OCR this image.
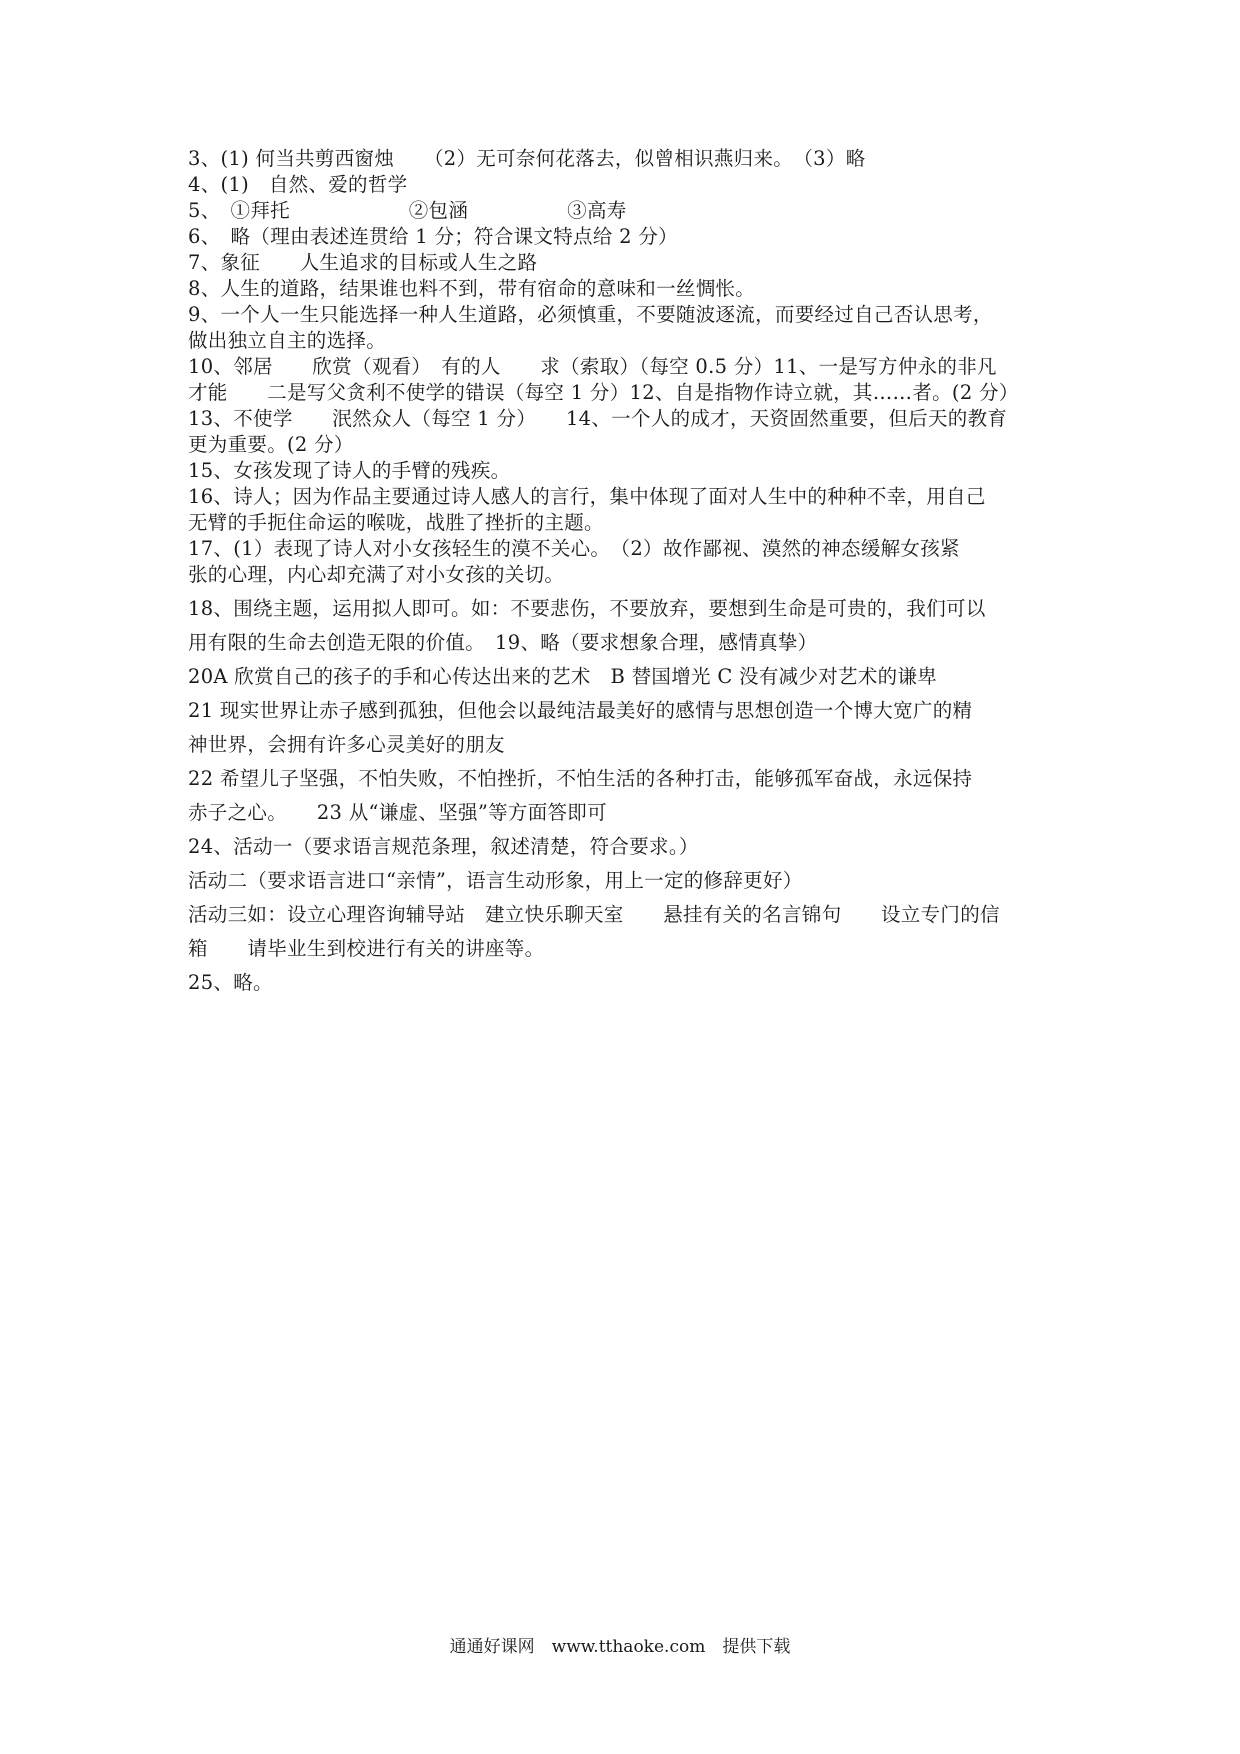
3、(1) 何当共剪西窗烛　　（2）无可奈何花落去，似曾相识燕归来。　（3）略
4、(1)　自然、爱的哲学
5、　①拜托　　　　　　②包涵　　　　　③高寿
6、　略（理由表述连贯给 1 分；符合课文特点给 2 分）
7、象征　　人生追求的目标或人生之路
8、人生的道路，结果谁也料不到，带有宿命的意味和一丝惆怅。
9、一个人一生只能选择一种人生道路，必须慎重，不要随波逐流，而要经过自己否认思考，
做出独立自主的选择。
10、邻居　　欣赏（观看）　有的人　　求（索取）（每空 0.5 分）11、一是写方仲永的非凡
才能　　二是写父贪利不使学的错误（每空 1 分）12、自是指物作诗立就，其……者。(2 分）
13、不使学　　泯然众人（每空 1 分）　　14、一个人的成才，天资固然重要，但后天的教育
更为重要。(2 分）
15、女孩发现了诗人的手臂的残疾。
16、诗人；因为作品主要通过诗人感人的言行，集中体现了面对人生中的种种不幸，用自己
无臂的手扼住命运的喉咙，战胜了挫折的主题。
17、(1）表现了诗人对小女孩轻生的漠不关心。　（2）故作鄙视、漠然的神态缓解女孩紧
张的心理，内心却充满了对小女孩的关切。
18、围绕主题，运用拟人即可。如：不要悲伤，不要放弃，要想到生命是可贵的，我们可以
用有限的生命去创造无限的价值。　19、略（要求想象合理，感情真挚）
20A 欣赏自己的孩子的手和心传达出来的艺术　B 替国增光 C 没有减少对艺术的谦卑
21 现实世界让赤子感到孤独，但他会以最纯洁最美好的感情与思想创造一个博大宽广的精
神世界，会拥有许多心灵美好的朋友
22 希望儿子坚强，不怕失败，不怕挫折，不怕生活的各种打击，能够孤军奋战，永远保持
赤子之心。　　23 从“谦虚、坚强”等方面答即可
24、活动一（要求语言规范条理，叙述清楚，符合要求。）
活动二（要求语言进口“亲情”，语言生动形象，用上一定的修辞更好）
活动三如：设立心理咨询辅导站　建立快乐聊天室　　悬挂有关的名言锦句　　设立专门的信
箱　　请毕业生到校进行有关的讲座等。
25、略。
通通好课网　www.tthaoke.com　提供下载
